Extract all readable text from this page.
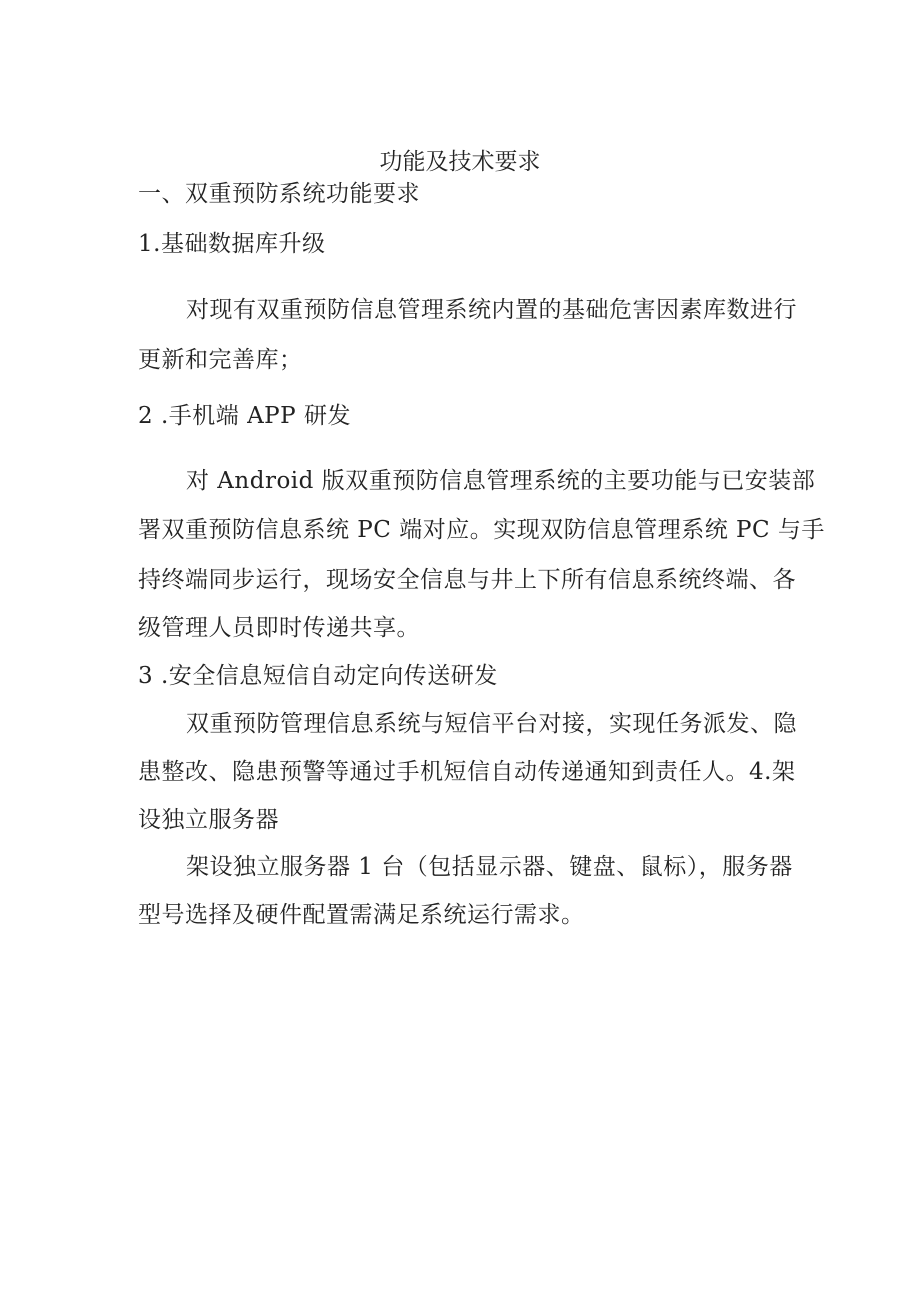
功能及技术要求
一、双重预防系统功能要求
1.基础数据库升级
对现有双重预防信息管理系统内置的基础危害因素库数进行
更新和完善库；
2 .手机端 APP 研发
对 Android 版双重预防信息管理系统的主要功能与已安装部
署双重预防信息系统 PC 端对应。实现双防信息管理系统 PC 与手
持终端同步运行，现场安全信息与井上下所有信息系统终端、各
级管理人员即时传递共享。
3 .安全信息短信自动定向传送研发
双重预防管理信息系统与短信平台对接，实现任务派发、隐
患整改、隐患预警等通过手机短信自动传递通知到责任人。4.架
设独立服务器
架设独立服务器 1 台（包括显示器、键盘、鼠标），服务器
型号选择及硬件配置需满足系统运行需求。
